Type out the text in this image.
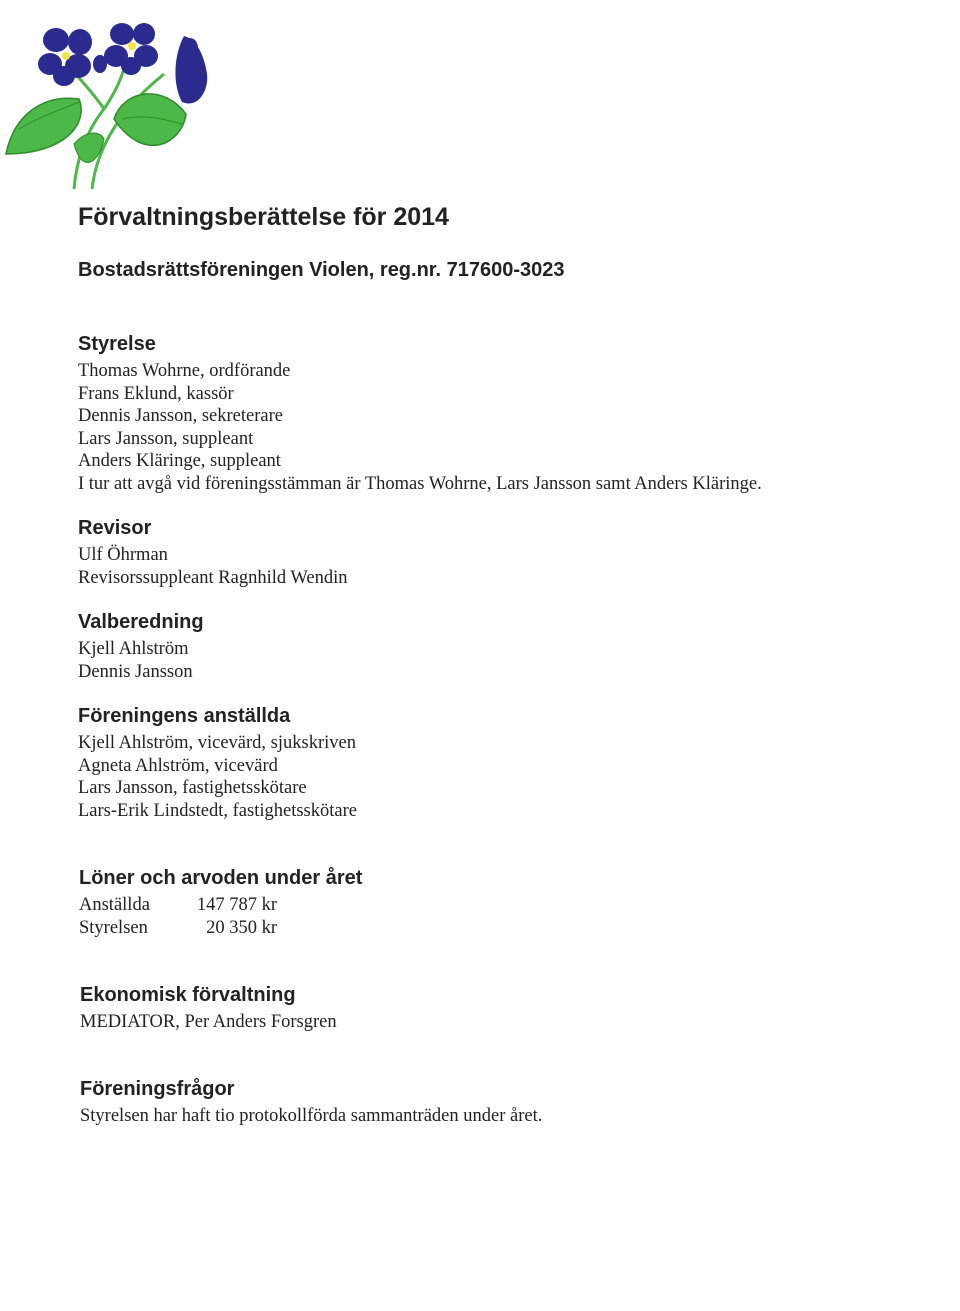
Förvaltningsberättelse för 2014
Bostadsrättsföreningen Violen, reg.nr. 717600-3023
Styrelse
Thomas Wohrne, ordförande
Frans Eklund, kassör
Dennis Jansson, sekreterare
Lars Jansson, suppleant
Anders Kläringe, suppleant
I tur att avgå vid föreningsstämman är Thomas Wohrne, Lars Jansson samt Anders Kläringe.
Revisor
Ulf Öhrman
Revisorssuppleant Ragnhild Wendin
Valberedning
Kjell Ahlström
Dennis Jansson
Föreningens anställda
Kjell Ahlström, vicevärd, sjukskriven
Agneta Ahlström, vicevärd
Lars Jansson, fastighetsskötare
Lars-Erik Lindstedt, fastighetsskötare
Löner och arvoden under året
Anställda	147 787 kr
Styrelsen	20 350 kr
Ekonomisk förvaltning
MEDIATOR, Per Anders Forsgren
Föreningsfrågor
Styrelsen har haft tio protokollförda sammanträden under året.
